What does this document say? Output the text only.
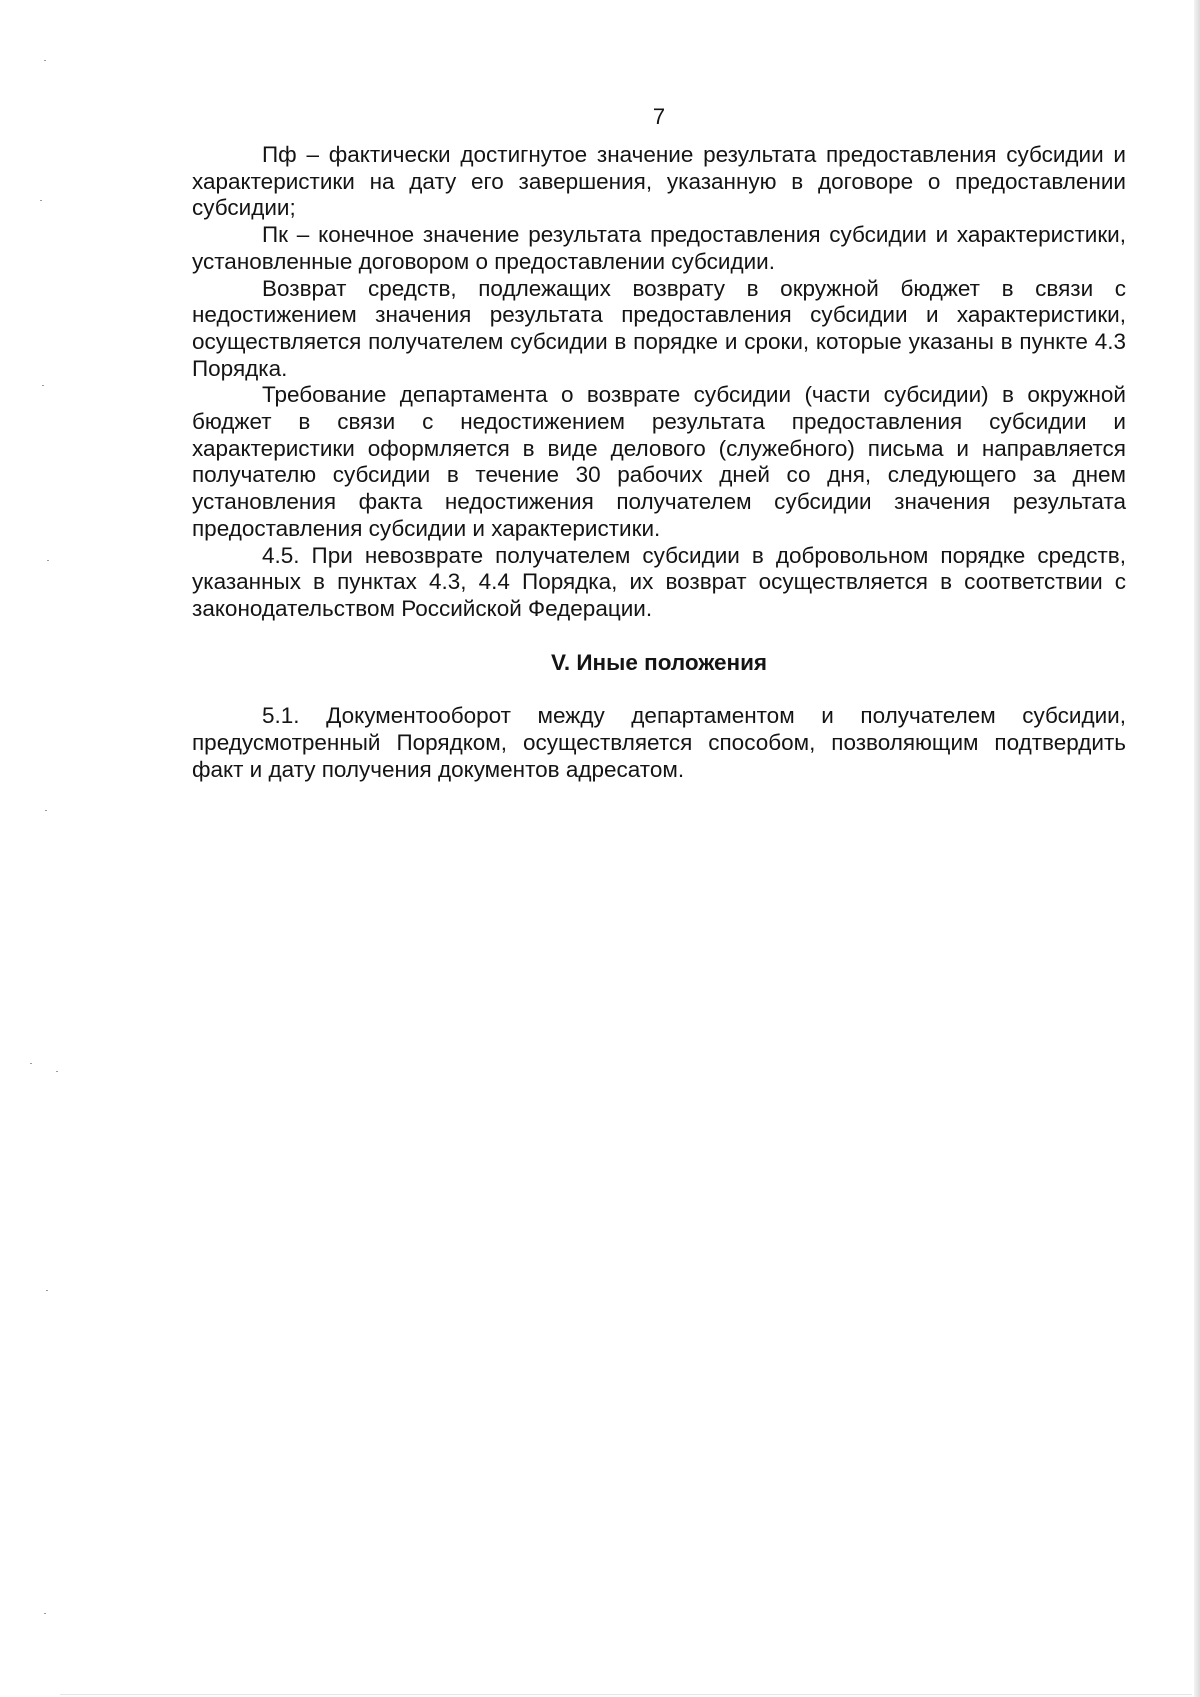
7

Пф – фактически достигнутое значение результата предоставления субсидии и характеристики на дату его завершения, указанную в договоре о предоставлении субсидии;

Пк – конечное значение результата предоставления субсидии и характеристики, установленные договором о предоставлении субсидии.

Возврат средств, подлежащих возврату в окружной бюджет в связи с недостижением значения результата предоставления субсидии и характеристики, осуществляется получателем субсидии в порядке и сроки, которые указаны в пункте 4.3 Порядка.

Требование департамента о возврате субсидии (части субсидии) в окружной бюджет в связи с недостижением результата предоставления субсидии и характеристики оформляется в виде делового (служебного) письма и направляется получателю субсидии в течение 30 рабочих дней со дня, следующего за днем установления факта недостижения получателем субсидии значения результата предоставления субсидии и характеристики.

4.5. При невозврате получателем субсидии в добровольном порядке средств, указанных в пунктах 4.3, 4.4 Порядка, их возврат осуществляется в соответствии с законодательством Российской Федерации.

V. Иные положения

5.1. Документооборот между департаментом и получателем субсидии, предусмотренный Порядком, осуществляется способом, позволяющим подтвердить факт и дату получения документов адресатом.
